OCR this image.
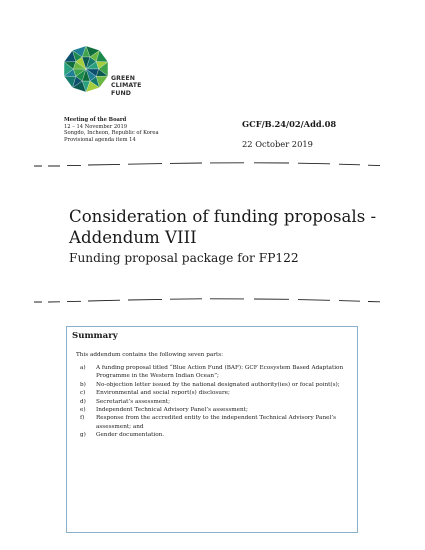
GREEN
CLIMATE
FUND
Meeting of the Board
12 – 14 November 2019
Songdo, Incheon, Republic of Korea
Provisional agenda item 14
GCF/B.24/02/Add.08
22 October 2019
Consideration of funding proposals - Addendum VIII
Funding proposal package for FP122
Summary
This addendum contains the following seven parts:
a) A funding proposal titled “Blue Action Fund (BAF): GCF Ecosystem Based Adaptation Programme in the Western Indian Ocean”;
b) No-objection letter issued by the national designated authority(ies) or focal point(s);
c) Environmental and social report(s) disclosure;
d) Secretariat’s assessment;
e) Independent Technical Advisory Panel’s assessment;
f) Response from the accredited entity to the independent Technical Advisory Panel’s assessment; and
g) Gender documentation.
